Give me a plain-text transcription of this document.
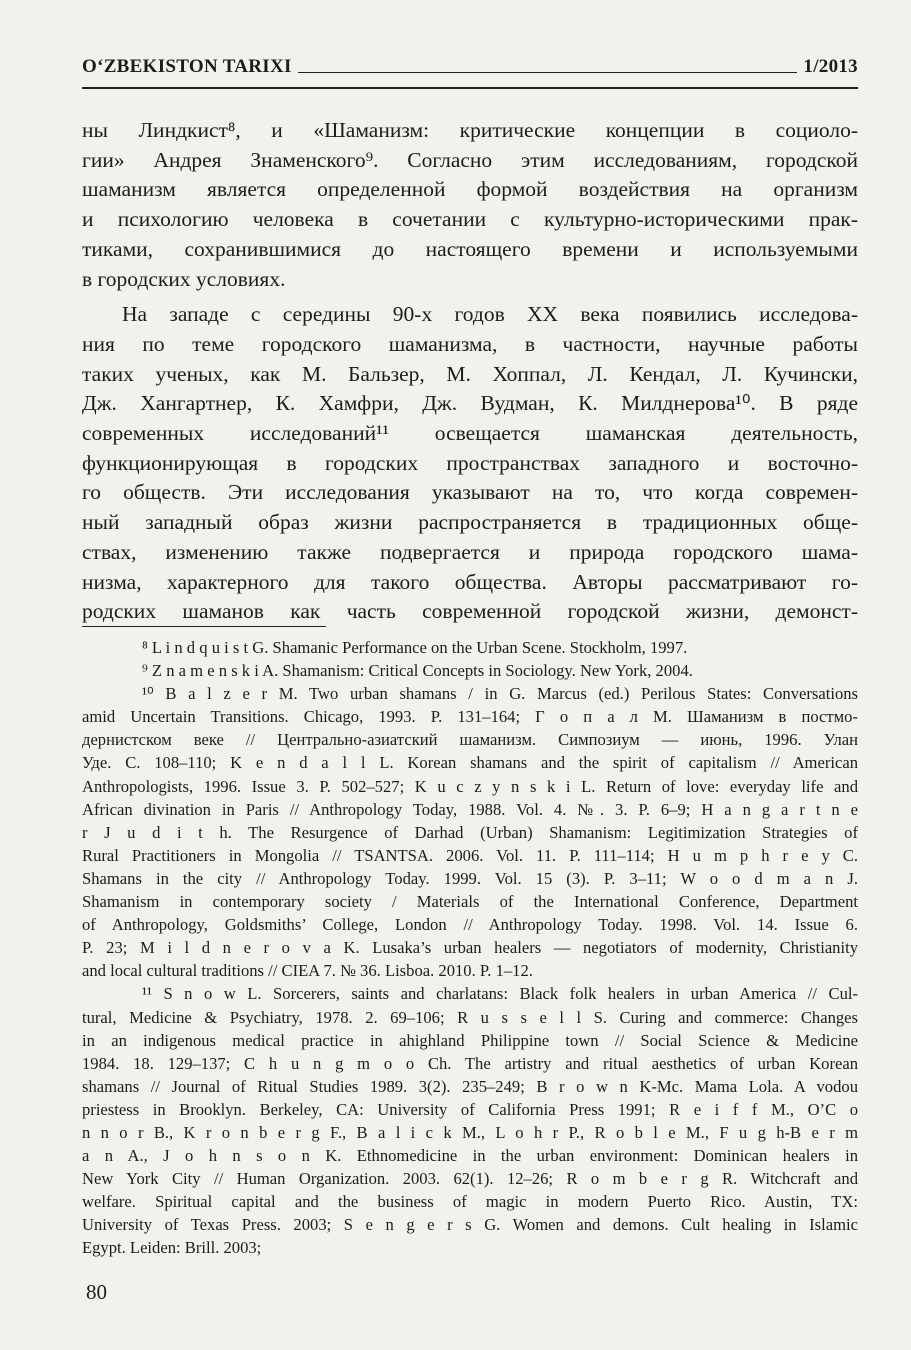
O‘ZBEKISTON TARIXI	1/2013
ны Линдкист⁸, и «Шаманизм: критические концепции в социоло-
гии» Андрея Знаменского⁹. Согласно этим исследованиям, городской
шаманизм является определенной формой воздействия на организм
и психологию человека в сочетании с культурно-историческими прак-
тиками, сохранившимися до настоящего времени и используемыми
в городских условиях.
На западе с середины 90-х годов XX века появились исследова-
ния по теме городского шаманизма, в частности, научные работы
таких ученых, как М. Бальзер, М. Хоппал, Л. Кендал, Л. Кучински,
Дж. Хангартнер, К. Хамфри, Дж. Вудман, К. Милднерова¹⁰. В ряде
современных исследований¹¹ освещается шаманская деятельность,
функционирующая в городских пространствах западного и восточно-
го обществ. Эти исследования указывают на то, что когда современ-
ный западный образ жизни распространяется в традиционных обще-
ствах, изменению также подвергается и природа городского шама-
низма, характерного для такого общества. Авторы рассматривают го-
родских шаманов как часть современной городской жизни, демонст-
⁸ L i n d q u i s t G. Shamanic Performance on the Urban Scene. Stockholm, 1997.
⁹ Z n a m e n s k i A. Shamanism: Critical Concepts in Sociology. New York, 2004.
¹⁰ B a l z e r M. Two urban shamans / in G. Marcus (ed.) Perilous States: Conversations
amid Uncertain Transitions. Chicago, 1993. P. 131–164; Г о п а л М. Шаманизм в постмо-
дернистском веке // Центрально-азиатский шаманизм. Симпозиум — июнь, 1996. Улан
Уде. С. 108–110; K e n d a l l L. Korean shamans and the spirit of capitalism // American
Anthropologists, 1996. Issue 3. P. 502–527; K u c z y n s k i L. Return of love: everyday life and
African divination in Paris // Anthropology Today, 1988. Vol. 4. №. 3. P. 6–9; H a n g a r t n e
r J u d i t h. The Resurgence of Darhad (Urban) Shamanism: Legitimization Strategies of
Rural Practitioners in Mongolia // TSANTSA. 2006. Vol. 11. P. 111–114; H u m p h r e y C.
Shamans in the city // Anthropology Today. 1999. Vol. 15 (3). P. 3–11; W o o d m a n J.
Shamanism in contemporary society / Materials of the International Conference, Department
of Anthropology, Goldsmiths’ College, London // Anthropology Today. 1998. Vol. 14. Issue 6.
P. 23; M i l d n e r o v a K. Lusaka’s urban healers — negotiators of modernity, Christianity
and local cultural traditions // CIEA 7. № 36. Lisboa. 2010. P. 1–12.
¹¹ S n o w L. Sorcerers, saints and charlatans: Black folk healers in urban America // Cul-
tural, Medicine & Psychiatry, 1978. 2. 69–106; R u s s e l l S. Curing and commerce: Changes
in an indigenous medical practice in ahighland Philippine town // Social Science & Medicine
1984. 18. 129–137; C h u n g m o o Ch. The artistry and ritual aesthetics of urban Korean
shamans // Journal of Ritual Studies 1989. 3(2). 235–249; B r o w n K-Mc. Mama Lola. A vodou
priestess in Brooklyn. Berkeley, CA: University of California Press 1991; R e i f f M., O’C o
n n o r B., K r o n b e r g F., B a l i c k M., L o h r P., R o b l e M., F u g h-B e r m
a n A., J o h n s o n K. Ethnomedicine in the urban environment: Dominican healers in
New York City // Human Organization. 2003. 62(1). 12–26; R o m b e r g R. Witchcraft and
welfare. Spiritual capital and the business of magic in modern Puerto Rico. Austin, TX:
University of Texas Press. 2003; S e n g e r s G. Women and demons. Cult healing in Islamic
Egypt. Leiden: Brill. 2003;
80
